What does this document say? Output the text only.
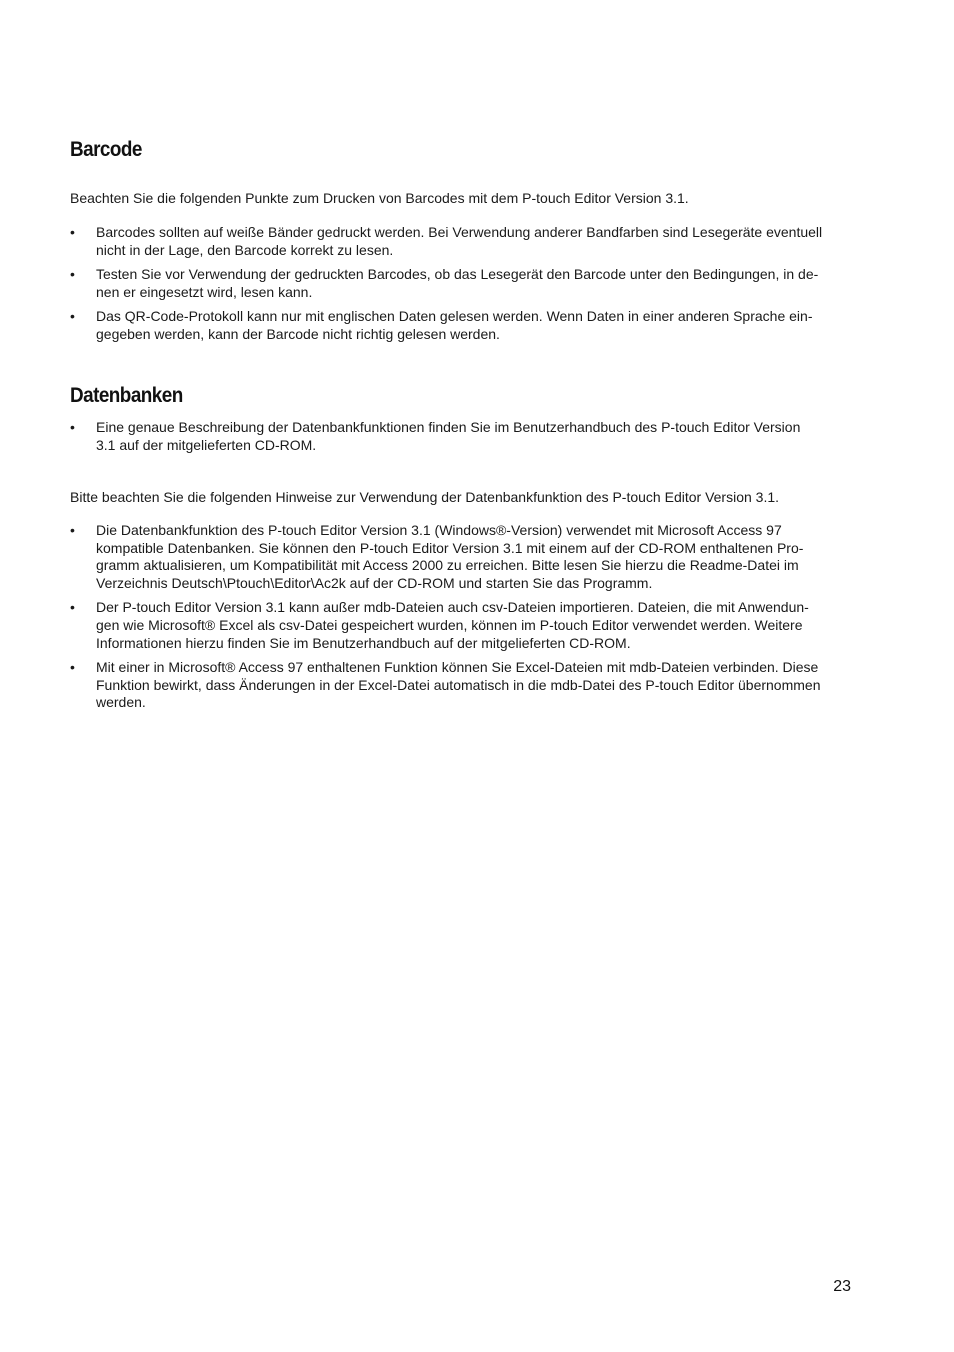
Barcode

Beachten Sie die folgenden Punkte zum Drucken von Barcodes mit dem P-touch Editor Version 3.1.

•	Barcodes sollten auf weiße Bänder gedruckt werden. Bei Verwendung anderer Bandfarben sind Lesegeräte eventuell
nicht in der Lage, den Barcode korrekt zu lesen.
•	Testen Sie vor Verwendung der gedruckten Barcodes, ob das Lesegerät den Barcode unter den Bedingungen, in de-
nen er eingesetzt wird, lesen kann.
•	Das QR-Code-Protokoll kann nur mit englischen Daten gelesen werden. Wenn Daten in einer anderen Sprache ein-
gegeben werden, kann der Barcode nicht richtig gelesen werden.
Datenbanken
•	Eine genaue Beschreibung der Datenbankfunktionen finden Sie im Benutzerhandbuch des P-touch Editor Version
3.1 auf der mitgelieferten CD-ROM.

Bitte beachten Sie die folgenden Hinweise zur Verwendung der Datenbankfunktion des P-touch Editor Version 3.1.

•	Die Datenbankfunktion des P-touch Editor Version 3.1 (Windows®-Version) verwendet mit Microsoft Access 97
kompatible Datenbanken. Sie können den P-touch Editor Version 3.1 mit einem auf der CD-ROM enthaltenen Pro-
gramm aktualisieren, um Kompatibilität mit Access 2000 zu erreichen. Bitte lesen Sie hierzu die Readme-Datei im
Verzeichnis Deutsch\Ptouch\Editor\Ac2k auf der CD-ROM und starten Sie das Programm.
•	Der P-touch Editor Version 3.1 kann außer mdb-Dateien auch csv-Dateien importieren. Dateien, die mit Anwendun-
gen wie Microsoft® Excel als csv-Datei gespeichert wurden, können im P-touch Editor verwendet werden. Weitere
Informationen hierzu finden Sie im Benutzerhandbuch auf der mitgelieferten CD-ROM.
•	Mit einer in Microsoft® Access 97 enthaltenen Funktion können Sie Excel-Dateien mit mdb-Dateien verbinden. Diese
Funktion bewirkt, dass Änderungen in der Excel-Datei automatisch in die mdb-Datei des P-touch Editor übernommen
werden.
23
